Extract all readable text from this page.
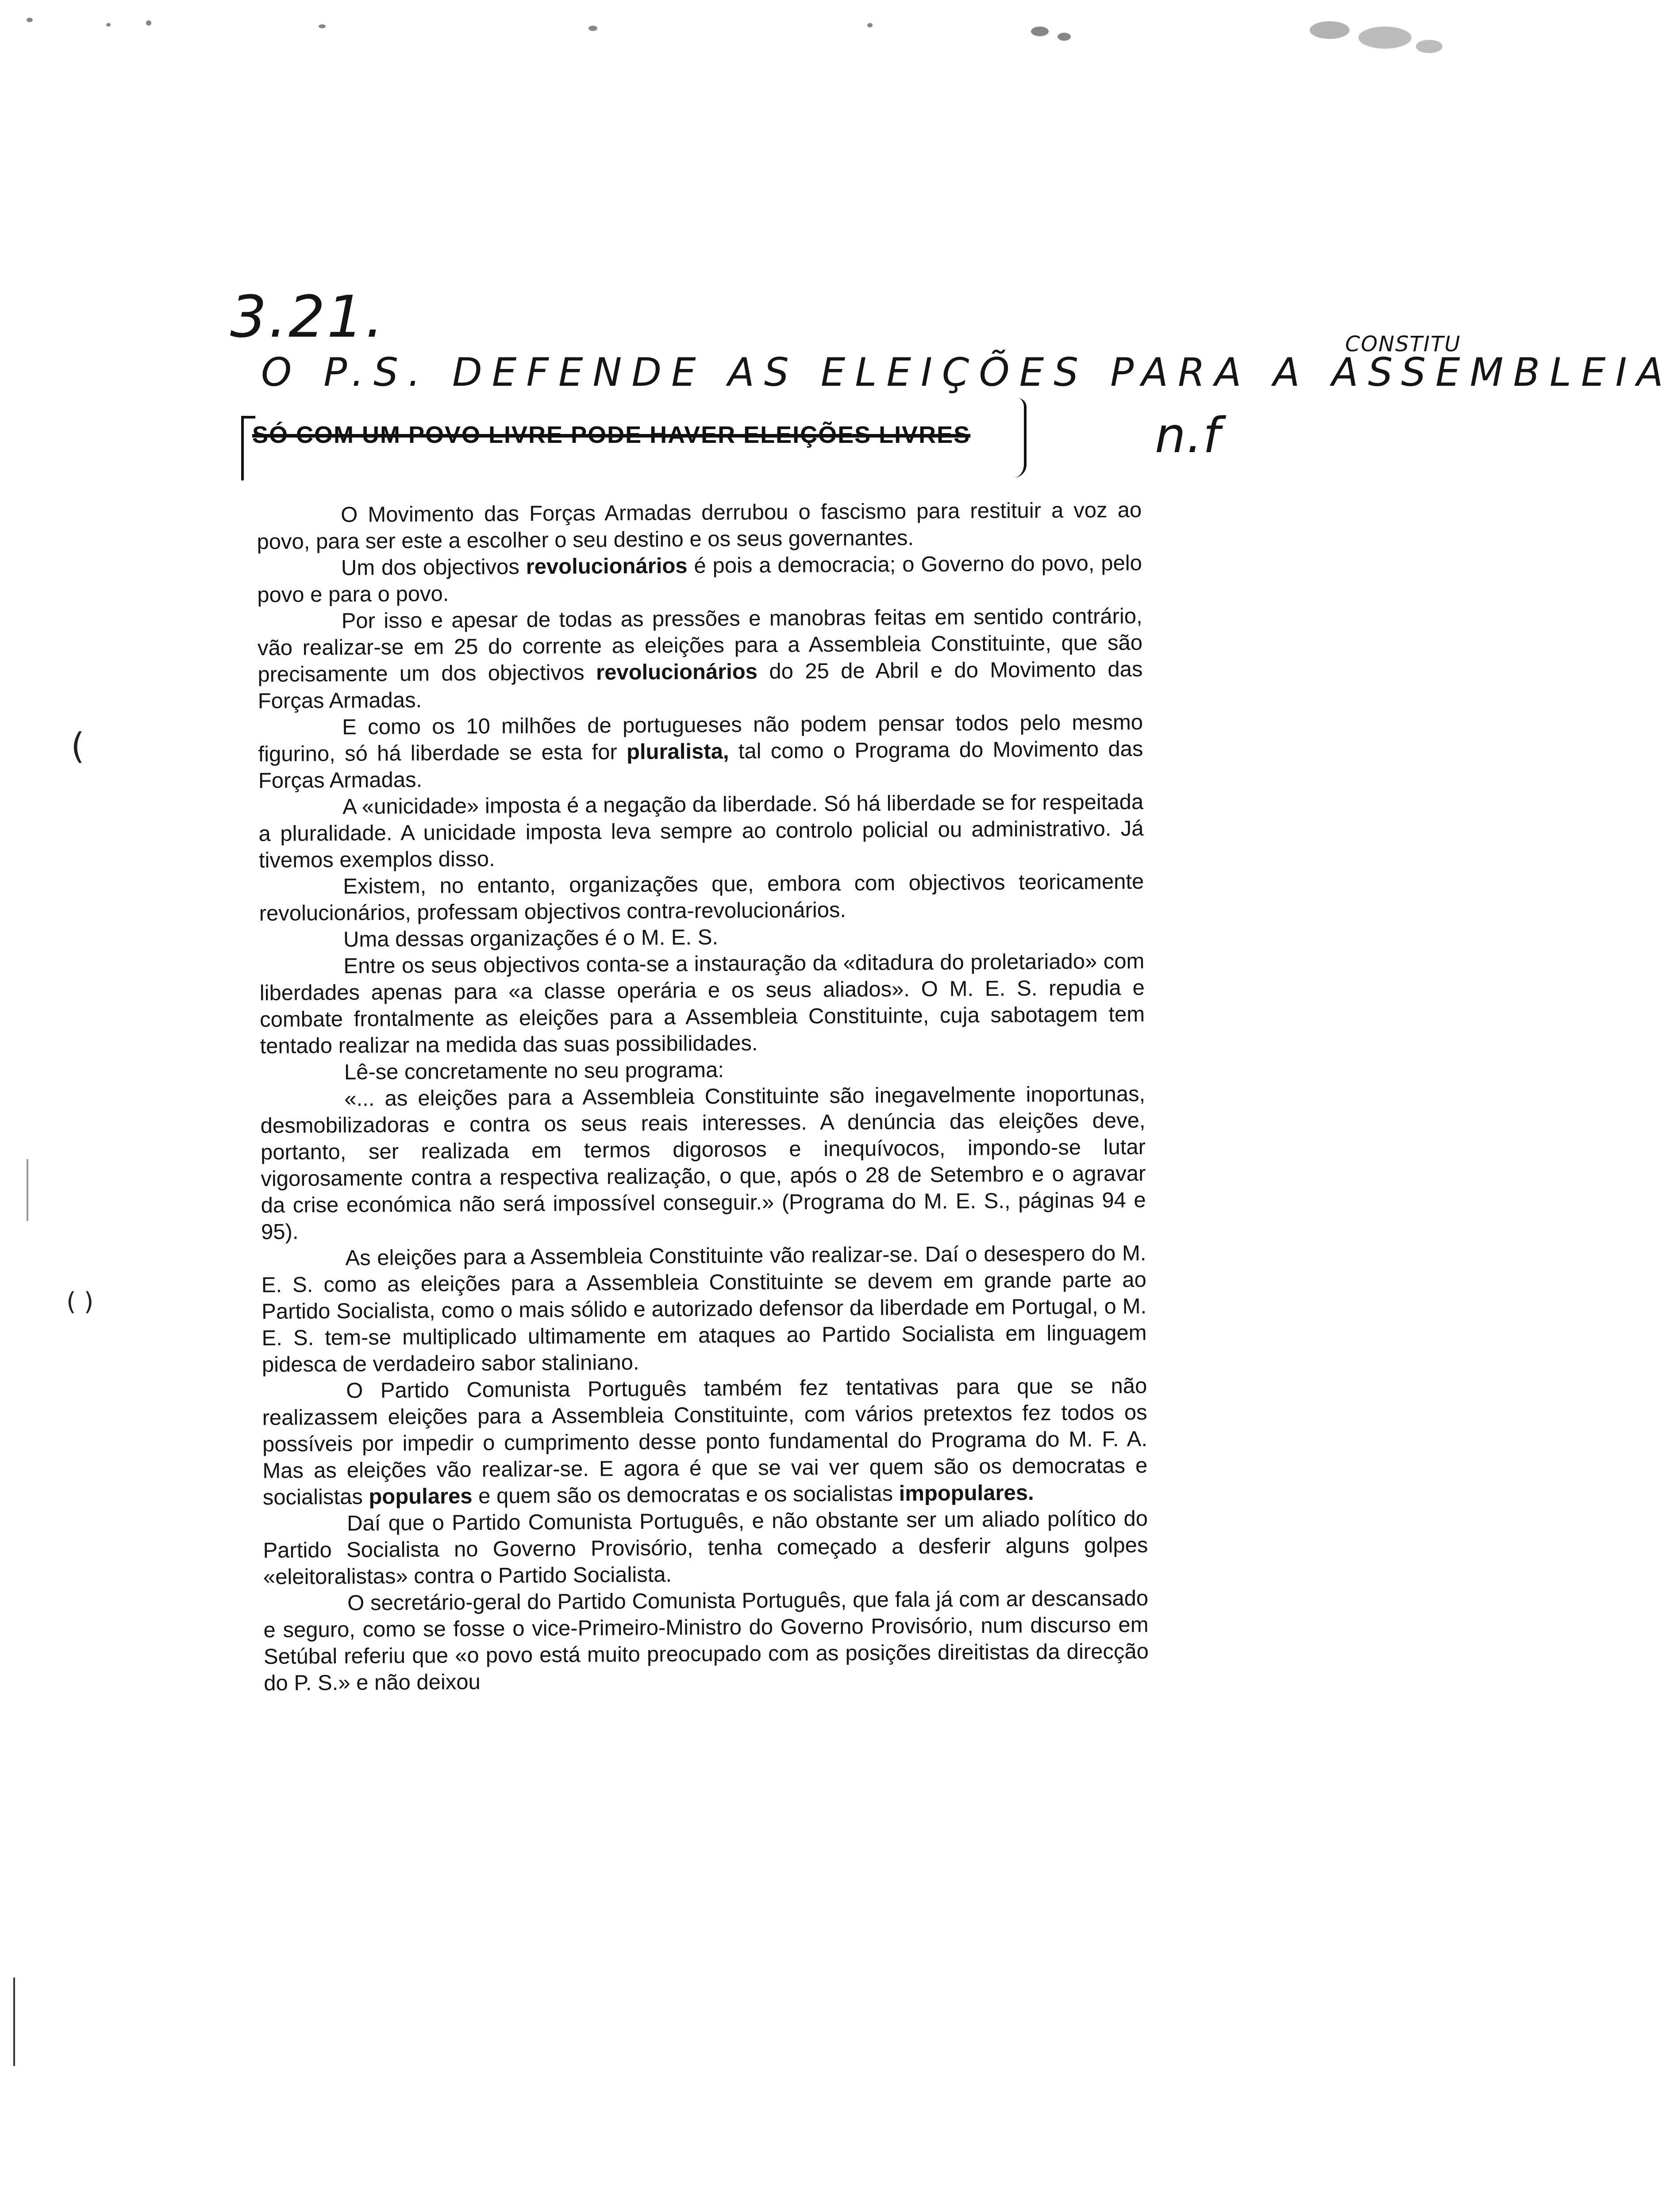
3.21.
O P.S. DEFENDE AS ELEIÇÕES PARA A ASSEMBLEIA
CONSTITU
SÓ COM UM POVO LIVRE PODE HAVER ELEIÇÕES LIVRES	n.f
(
( )

O Movimento das Forças Armadas derrubou o fascismo para restituir a voz ao povo, para ser este a escolher o seu destino e os seus governantes.

Um dos objectivos revolucionários é pois a democracia; o Governo do povo, pelo povo e para o povo.

Por isso e apesar de todas as pressões e manobras feitas em sentido contrário, vão realizar-se em 25 do corrente as eleições para a Assembleia Constituinte, que são precisamente um dos objectivos revolucionários do 25 de Abril e do Movimento das Forças Armadas.

E como os 10 milhões de portugueses não podem pensar todos pelo mesmo figurino, só há liberdade se esta for pluralista, tal como o Programa do Movimento das Forças Armadas.

A «unicidade» imposta é a negação da liberdade. Só há liberdade se for respeitada a pluralidade. A unicidade imposta leva sempre ao controlo policial ou administrativo. Já tivemos exemplos disso.

Existem, no entanto, organizações que, embora com objectivos teoricamente revolucionários, professam objectivos contra-revolucionários.

Uma dessas organizações é o M. E. S.

Entre os seus objectivos conta-se a instauração da «ditadura do proletariado» com liberdades apenas para «a classe operária e os seus aliados». O M. E. S. repudia e combate frontalmente as eleições para a Assembleia Constituinte, cuja sabotagem tem tentado realizar na medida das suas possibilidades.

Lê-se concretamente no seu programa:

«... as eleições para a Assembleia Constituinte são inegavelmente inoportunas, desmobilizadoras e contra os seus reais interesses. A denúncia das eleições deve, portanto, ser realizada em termos digorosos e inequívocos, impondo-se lutar vigorosamente contra a respectiva realização, o que, após o 28 de Setembro e o agravar da crise económica não será impossível conseguir.» (Programa do M. E. S., páginas 94 e 95).

As eleições para a Assembleia Constituinte vão realizar-se. Daí o desespero do M. E. S. como as eleições para a Assembleia Constituinte se devem em grande parte ao Partido Socialista, como o mais sólido e autorizado defensor da liberdade em Portugal, o M. E. S. tem-se multiplicado ultimamente em ataques ao Partido Socialista em linguagem pidesca de verdadeiro sabor staliniano.

O Partido Comunista Português também fez tentativas para que se não realizassem eleições para a Assembleia Constituinte, com vários pretextos fez todos os possíveis por impedir o cumprimento desse ponto fundamental do Programa do M. F. A. Mas as eleições vão realizar-se. E agora é que se vai ver quem são os democratas e socialistas populares e quem são os democratas e os socialistas impopulares.

Daí que o Partido Comunista Português, e não obstante ser um aliado político do Partido Socialista no Governo Provisório, tenha começado a desferir alguns golpes «eleitoralistas» contra o Partido Socialista.

O secretário-geral do Partido Comunista Português, que fala já com ar descansado e seguro, como se fosse o vice-Primeiro-Ministro do Governo Provisório, num discurso em Setúbal referiu que «o povo está muito preocupado com as posições direitistas da direcção do P. S.» e não deixou
